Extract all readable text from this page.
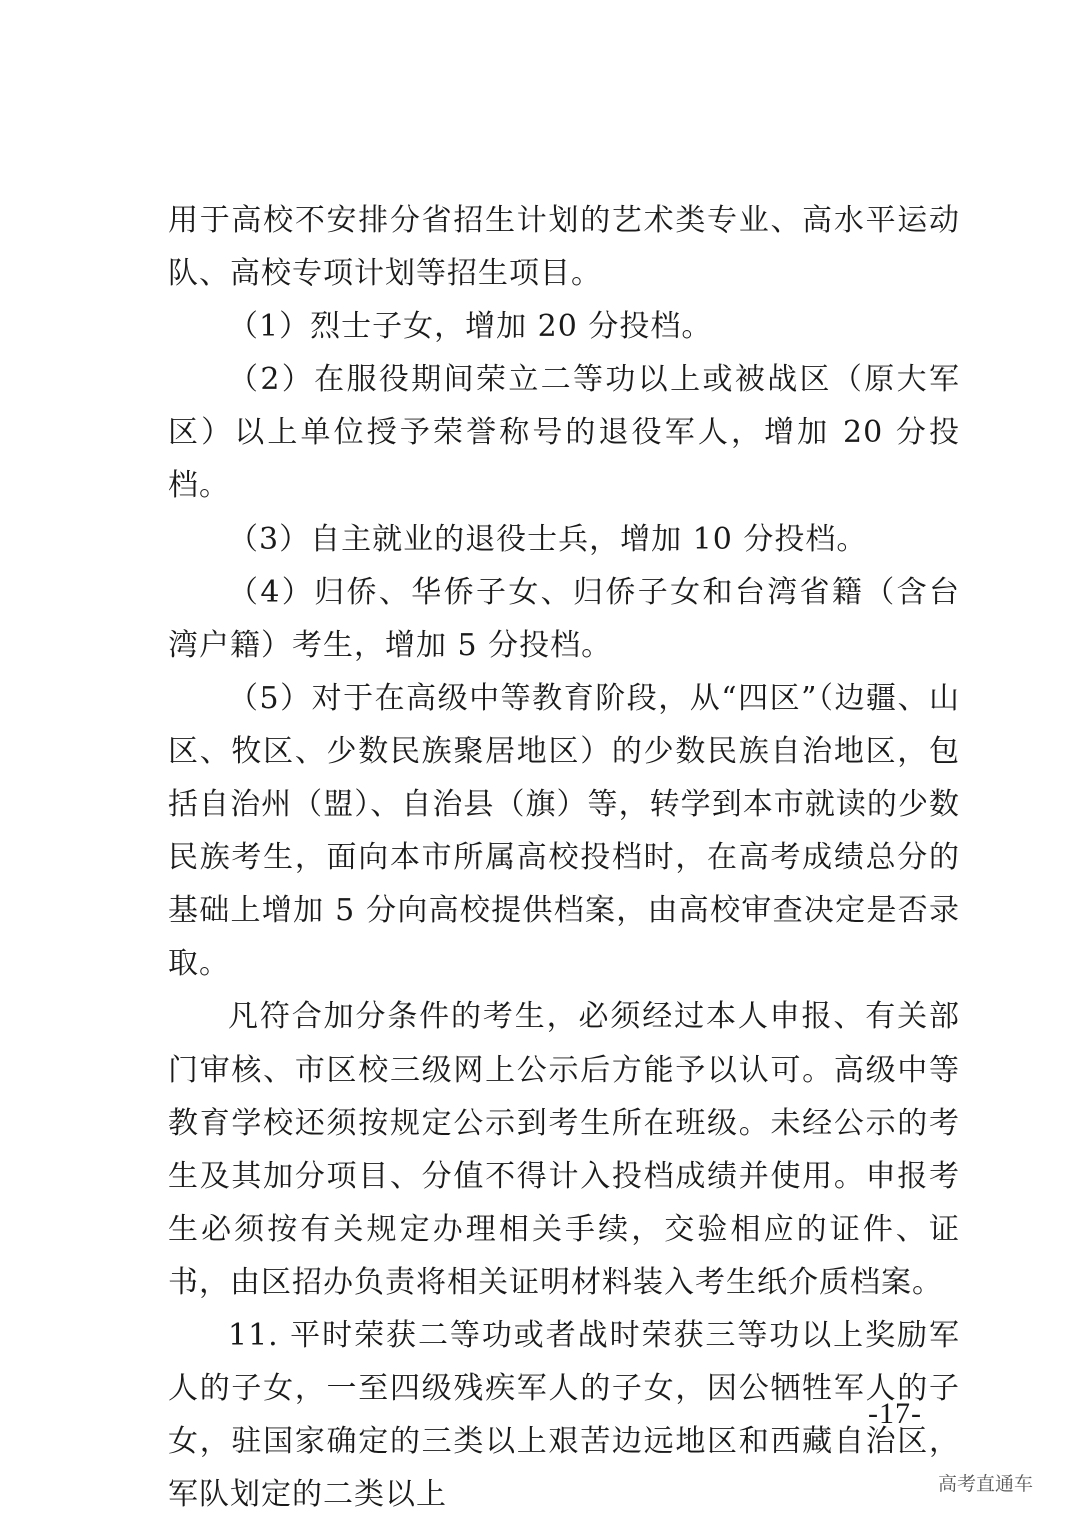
用于高校不安排分省招生计划的艺术类专业、高水平运动队、高校专项计划等招生项目。

（1）烈士子女，增加 20 分投档。

（2）在服役期间荣立二等功以上或被战区（原大军区）以上单位授予荣誉称号的退役军人，增加 20 分投档。

（3）自主就业的退役士兵，增加 10 分投档。

（4）归侨、华侨子女、归侨子女和台湾省籍（含台湾户籍）考生，增加 5 分投档。

（5）对于在高级中等教育阶段，从“四区”（边疆、山区、牧区、少数民族聚居地区）的少数民族自治地区，包括自治州（盟）、自治县（旗）等，转学到本市就读的少数民族考生，面向本市所属高校投档时，在高考成绩总分的基础上增加 5 分向高校提供档案，由高校审查决定是否录取。

凡符合加分条件的考生，必须经过本人申报、有关部门审核、市区校三级网上公示后方能予以认可。高级中等教育学校还须按规定公示到考生所在班级。未经公示的考生及其加分项目、分值不得计入投档成绩并使用。申报考生必须按有关规定办理相关手续，交验相应的证件、证书，由区招办负责将相关证明材料装入考生纸介质档案。

11. 平时荣获二等功或者战时荣获三等功以上奖励军人的子女，一至四级残疾军人的子女，因公牺牲军人的子女，驻国家确定的三类以上艰苦边远地区和西藏自治区，军队划定的二类以上

-17-
高考直通车
